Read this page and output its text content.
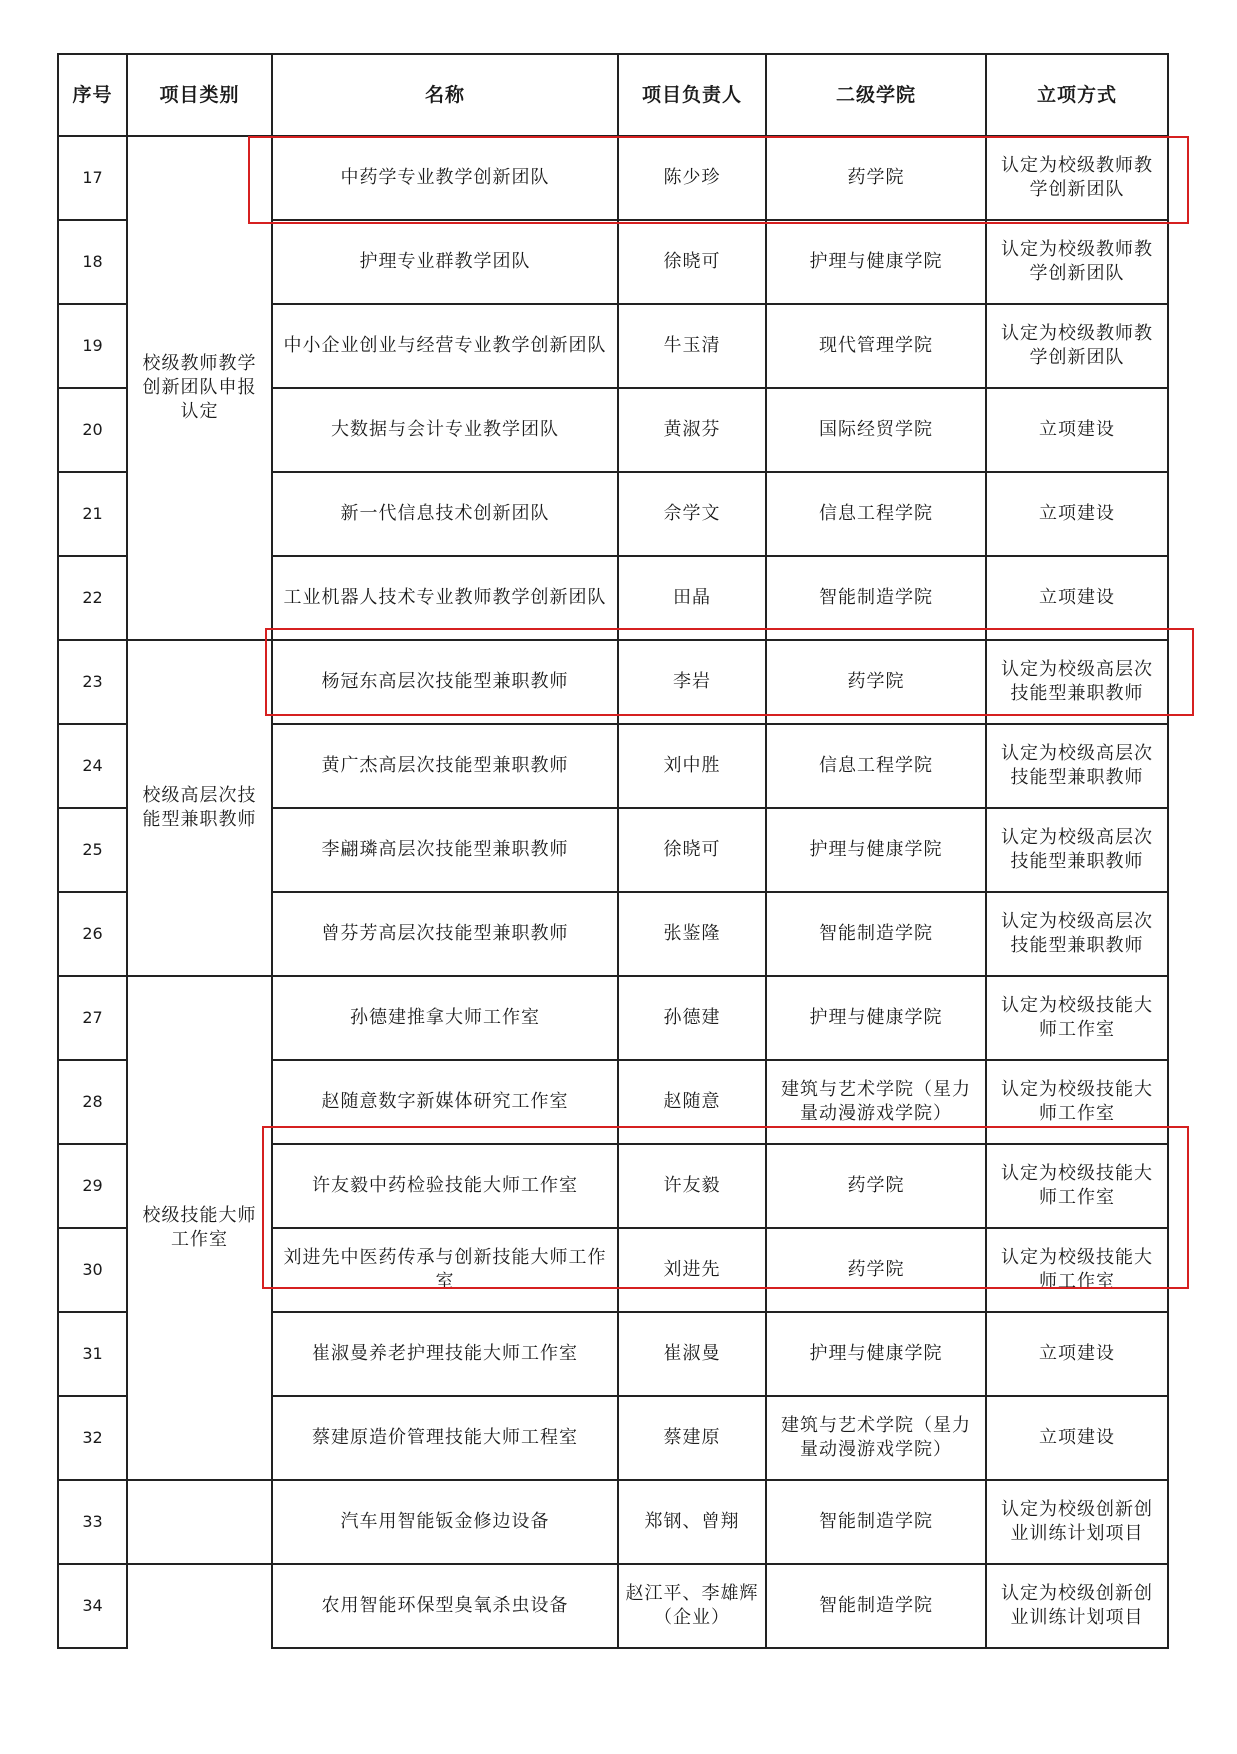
序号	项目类别	名称	项目负责人	二级学院	立项方式
17	校级教师教学创新团队申报认定	中药学专业教学创新团队	陈少珍	药学院	认定为校级教师教学创新团队
18		护理专业群教学团队	徐晓可	护理与健康学院	认定为校级教师教学创新团队
19		中小企业创业与经营专业教学创新团队	牛玉清	现代管理学院	认定为校级教师教学创新团队
20		大数据与会计专业教学团队	黄淑芬	国际经贸学院	立项建设
21		新一代信息技术创新团队	佘学文	信息工程学院	立项建设
22		工业机器人技术专业教师教学创新团队	田晶	智能制造学院	立项建设
23	校级高层次技能型兼职教师	杨冠东高层次技能型兼职教师	李岩	药学院	认定为校级高层次技能型兼职教师
24		黄广杰高层次技能型兼职教师	刘中胜	信息工程学院	认定为校级高层次技能型兼职教师
25		李翩璘高层次技能型兼职教师	徐晓可	护理与健康学院	认定为校级高层次技能型兼职教师
26		曾芬芳高层次技能型兼职教师	张鉴隆	智能制造学院	认定为校级高层次技能型兼职教师
27	校级技能大师工作室	孙德建推拿大师工作室	孙德建	护理与健康学院	认定为校级技能大师工作室
28		赵随意数字新媒体研究工作室	赵随意	建筑与艺术学院（星力量动漫游戏学院）	认定为校级技能大师工作室
29		许友毅中药检验技能大师工作室	许友毅	药学院	认定为校级技能大师工作室
30		刘进先中医药传承与创新技能大师工作室	刘进先	药学院	认定为校级技能大师工作室
31		崔淑曼养老护理技能大师工作室	崔淑曼	护理与健康学院	立项建设
32		蔡建原造价管理技能大师工程室	蔡建原	建筑与艺术学院（星力量动漫游戏学院）	立项建设
33		汽车用智能钣金修边设备	郑钢、曾翔	智能制造学院	认定为校级创新创业训练计划项目
34		农用智能环保型臭氧杀虫设备	赵江平、李雄辉（企业）	智能制造学院	认定为校级创新创业训练计划项目
